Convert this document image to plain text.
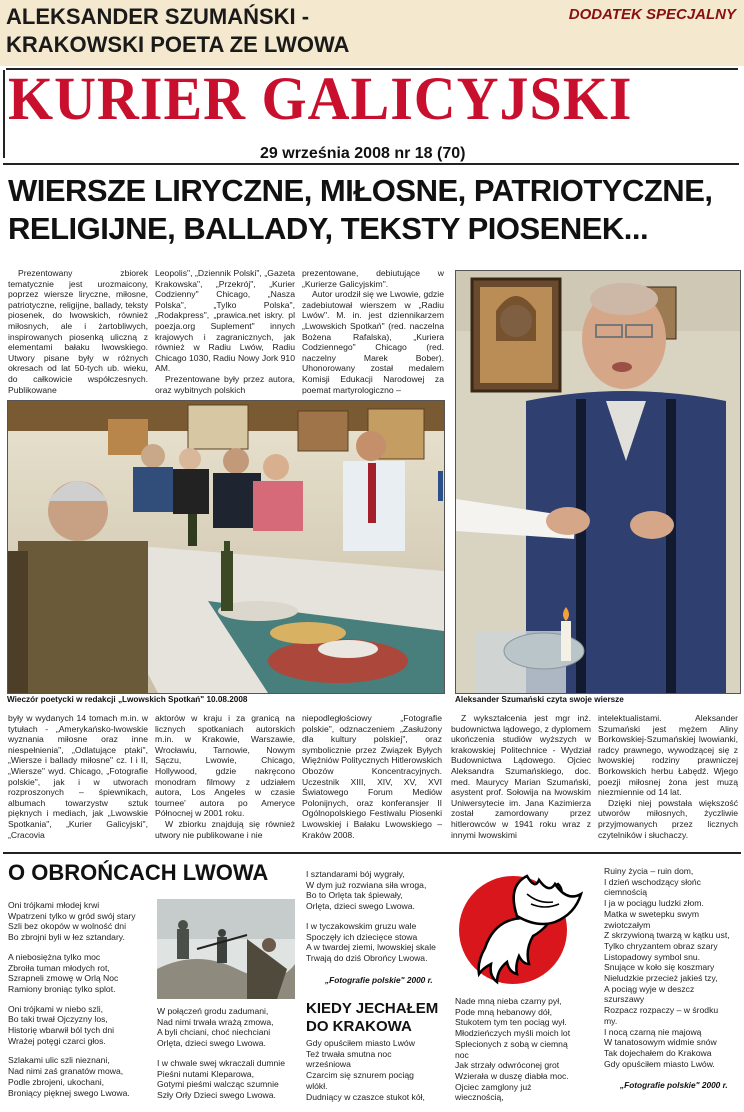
ALEKSANDER SZUMAŃSKI -
KRAKOWSKI POETA ZE LWOWA
DODATEK SPECJALNY
KURIER GALICYJSKI
29 września 2008 nr 18 (70)
WIERSZE LIRYCZNE, MIŁOSNE, PATRIOTYCZNE, RELIGIJNE, BALLADY, TEKSTY PIOSENEK...

Prezentowany zbiorek tematycznie jest urozmaicony, poprzez wiersze liryczne, miłosne, patriotyczne, religijne, ballady, teksty piosenek, do lwowskich, również miłosnych, ale i żartobliwych, inspirowanych piosenką uliczną z elementami bałaku lwowskiego. Utwory pisane były w różnych okresach od lat 50-tych ub. wieku, do całkowicie współczesnych. Publikowane

Leopolis", „Dziennik Polski", „Gazeta Krakowska", „Przekrój", „Kurier Codzienny" Chicago, „Nasza Polska", „Tylko Polska", „Rodakpress", „prawica.net iskry. pl poezja.org Suplement" innych krajowych i zagranicznych, jak również w Radiu Lwów, Radiu Chicago 1030, Radiu Nowy Jork 910 AM.

Prezentowane były przez autora, oraz wybitnych polskich

prezentowane, debiutujące w „Kurierze Galicyjskim".

Autor urodził się we Lwowie, gdzie zadebiutował wierszem w „Radiu Lwów". M. in. jest dziennikarzem „Lwowskich Spotkań" (red. naczelna Bożena Rafalska), „Kuriera Codziennego" Chicago (red. naczelny Marek Bober). Uhonorowany został medalem Komisji Edukacji Narodowej za poemat martyrologiczno –

Wieczór poetycki w redakcji „Lwowskich Spotkań" 10.08.2008	Aleksander Szumański czyta swoje wiersze

były w wydanych 14 tomach m.in. w tytułach - „Amerykańsko-lwowskie wyznania miłosne oraz inne niespełnienia", „Odlatujące ptaki", „Wiersze i ballady miłosne" cz. I i II, „Wiersze" wyd. Chicago, „Fotografie polskie", jak i w utworach rozproszonych – śpiewnikach, albumach towarzystw sztuk pięknych i mediach, jak „Lwowskie Spotkania", „Kurier Galicyjski", „Cracovia

aktorów w kraju i za granicą na licznych spotkaniach autorskich m.in. w Krakowie, Warszawie, Wrocławiu, Tarnowie, Nowym Sączu, Lwowie, Chicago, Hollywood, gdzie nakręcono monodram filmowy z udziałem autora, Los Angeles w czasie tournee' autora po Ameryce Północnej w 2001 roku.

W zbiorku znajdują się również utwory nie publikowane i nie

niepodległościowy „Fotografie polskie", odznaczeniem „Zasłużony dla kultury polskiej", oraz symbolicznie przez Związek Byłych Więźniów Politycznych Hitlerowskich Obozów Koncentracyjnych. Uczestnik XIII, XIV, XV, XVI Światowego Forum Mediów Polonijnych, oraz konferansjer II Ogólnopolskiego Festiwalu Piosenki Lwowskiej i Bałaku Lwowskiego – Kraków 2008.

Z wykształcenia jest mgr inż. budownictwa lądowego, z dyplomem ukończenia studiów wyższych w krakowskiej Politechnice - Wydział Budownictwa Lądowego. Ojciec Aleksandra Szumańskiego, doc. med. Maurycy Marian Szumański, asystent prof. Sołowija na lwowskim Uniwersytecie im. Jana Kazimierza został zamordowany przez hitlerowców w 1941 roku wraz z innymi lwowskimi

intelektualistami. Aleksander Szumański jest mężem Aliny Borkowskiej-Szumańskiej lwowianki, radcy prawnego, wywodzącej się z lwowskiej rodziny prawniczej Borkowskich herbu Łabędź. Wjego poezji miłosnej żona jest muzą niezmiennie od 14 lat.

Dzięki niej powstała większość utworów miłosnych, życzliwie przyjmowanych przez licznych czytelników i słuchaczy.

O OBROŃCACH LWOWA
Oni trójkami młodej krwi
Wpatrzeni tylko w gród swój stary
Szli bez okopów w wolność dni
Bo zbrojni byli w łez sztandary.
A niebosiężna tylko moc
Zbroiła tuman młodych rot,
Szrapneli zmowę w Orlą Noc
Ramiony broniąc tylko splot.
Oni trójkami w niebo szli,
Bo taki trwał Ojczyzny los,
Historię wbarwił ból tych dni
Wrażej potęgi czarci głos.
Szlakami ulic szli nieznani,
Nad nimi zaś granatów mowa,
Podle zbrojeni, ukochani,
Broniący pięknej swego Lwowa.
W połączeń grodu zadumani,
Nad nimi trwała wrażą zmowa,
A byli chciani, choć niechciani
Orlęta, dzieci swego Lwowa.
I w chwale swej wkraczali dumnie
Pieśni nutami Kleparowa,
Gotymi pieśmi walcząc szumnie
Szły Orły Dzieci swego Lwowa.
I sztandarami bój wygrały,
W dym już rozwiana siła wroga,
Bo to Orlęta tak śpiewały,
Orlęta, dzieci swego Lwowa.
I w tyczakowskim gruzu wale
Spoczęły ich dziecięce stowa
A w twardej ziemi, lwowskiej skale
Trwają do dziś Obrońcy Lwowa.
„Fotografie polskie" 2000 r.
KIEDY JECHAŁEM
DO KRAKOWA
Gdy opuściłem miasto Lwów
Też trwała smutna noc
wrześniowa
Czarcim się sznurem pociąg
wlókł.
Dudniący w czaszce stukot kół,
Nade mną nieba czarny pył,
Pode mną hebanowy dół,
Stukotem tym ten pociąg wył.
Młodzieńczych myśli moich lot
Splecionych z sobą w ciemną
noc
Jak strzały odwróconej grot
Wzierała w duszę diabła moc.
Ojciec zamglony już
wiecznością,
Ruiny życia – ruin dom,
I dzień wschodzący słońc
ciemnością
I ja w pociągu ludzki złom.
Matka w swetерku swym
zwiotczałym
Z skrzywioną twarzą w kątku ust,
Tylko chryzantem obraz szary
Listopadowy symbol snu.
Snujące w koło się koszmary
Nieludzkie przecież jakieś tzy,
A pociąg wyje w deszcz
szurszawy
Rozpacz rozpaczy – w środku
my.
I nocą czarną nie majową
W tanatosowym widmie snów
Tak dojechałem do Krakowa
Gdy opuściłem miasto Lwów.
„Fotografie polskie" 2000 r.
